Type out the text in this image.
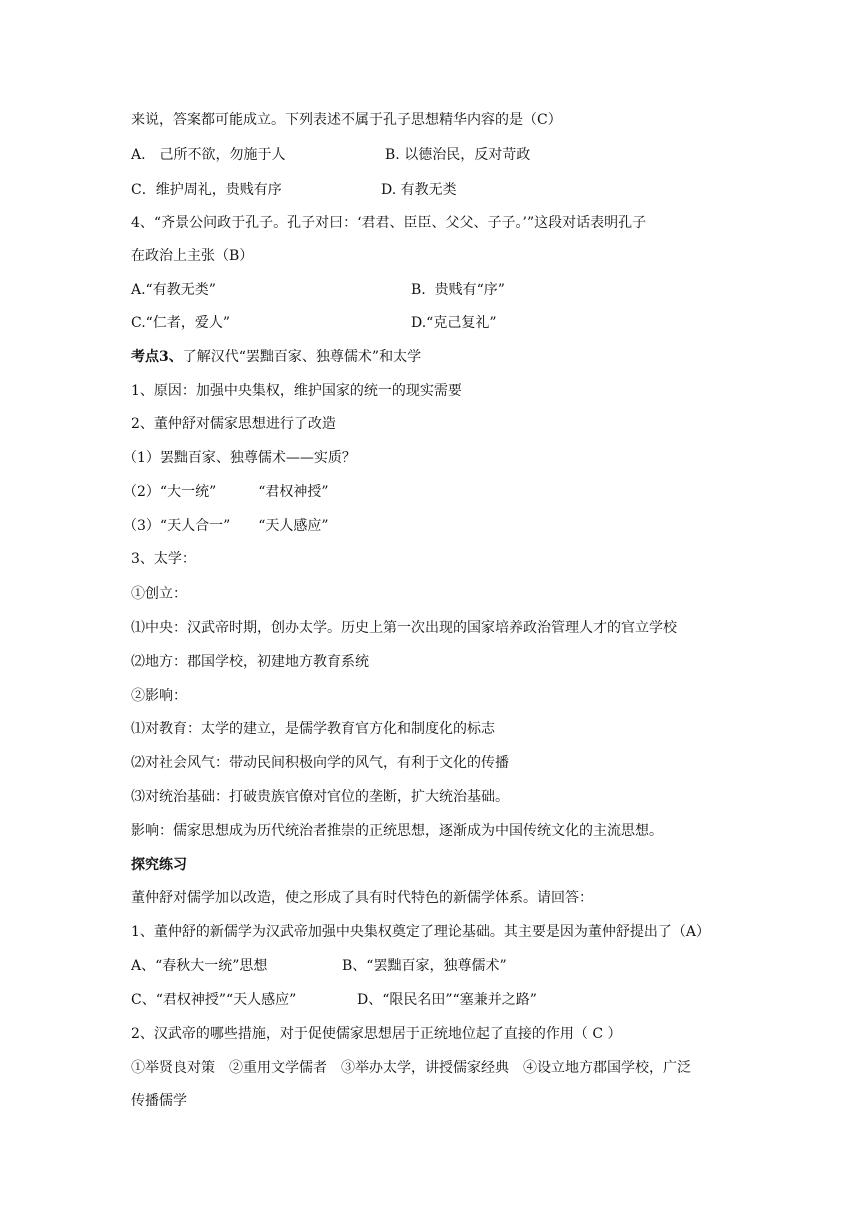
来说，答案都可能成立。下列表述不属于孔子思想精华内容的是（C）
A.　己所不欲，勿施于人	B. 以德治民，反对苛政
C．维护周礼，贵贱有序	D. 有教无类
4、“齐景公问政于孔子。孔子对曰：‘君君、臣臣、父父、子子。’”这段对话表明孔子
在政治上主张（B）
A.“有教无类”	B.  贵贱有“序”
C.“仁者，爱人”	D.“克己复礼”
考点3、了解汉代“罢黜百家、独尊儒术”和太学
1、原因：加强中央集权，维护国家的统一的现实需要
2、董仲舒对儒家思想进行了改造
（1）罢黜百家、独尊儒术——实质？
（2）“大一统”　　　“君权神授”
（3）“天人合一”　　“天人感应”
3、太学：
①创立：
⑴中央：汉武帝时期，创办太学。历史上第一次出现的国家培养政治管理人才的官立学校
⑵地方：郡国学校，初建地方教育系统
②影响：
⑴对教育：太学的建立，是儒学教育官方化和制度化的标志
⑵对社会风气：带动民间积极向学的风气，有利于文化的传播
⑶对统治基础：打破贵族官僚对官位的垄断，扩大统治基础。
影响：儒家思想成为历代统治者推崇的正统思想，逐渐成为中国传统文化的主流思想。
探究练习
董仲舒对儒学加以改造，使之形成了具有时代特色的新儒学体系。请回答：
1、董仲舒的新儒学为汉武帝加强中央集权奠定了理论基础。其主要是因为董仲舒提出了（A）
A、“春秋大一统”思想	B、“罢黜百家，独尊儒术”
C、“君权神授”“天人感应”	D、“限民名田”“塞兼并之路”
2、汉武帝的哪些措施，对于促使儒家思想居于正统地位起了直接的作用（ C ）
①举贤良对策　②重用文学儒者　③举办太学，讲授儒家经典　④设立地方郡国学校，广泛
传播儒学
